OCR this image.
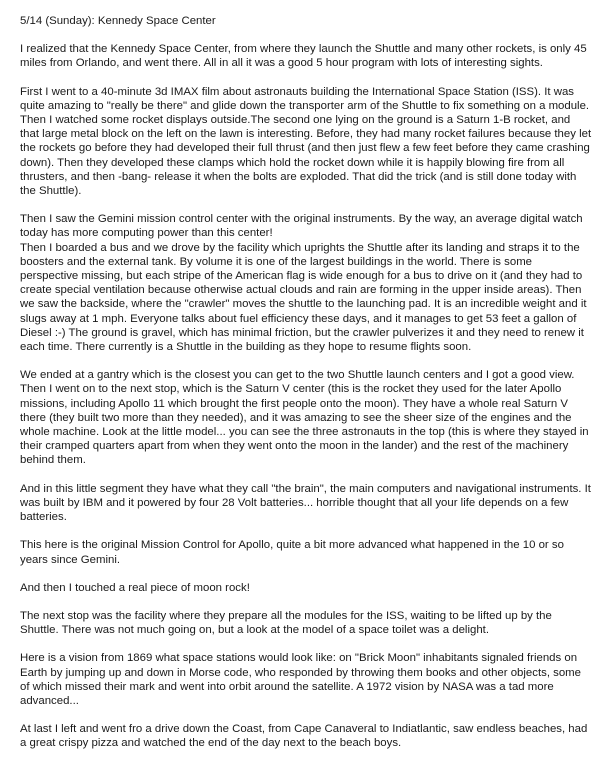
5/14 (Sunday): Kennedy Space Center
I realized that the Kennedy Space Center, from where they launch the Shuttle and many other rockets, is only 45 miles from Orlando, and went there. All in all it was a good 5 hour program with lots of interesting sights.
First I went to a 40-minute 3d IMAX film about astronauts building the International Space Station (ISS). It was quite amazing to "really be there" and glide down the transporter arm of the Shuttle to fix something on a module.
Then I watched some rocket displays outside.The second one lying on the ground is a Saturn 1-B rocket, and that large metal block on the left on the lawn is interesting. Before, they had many rocket failures because they let the rockets go before they had developed their full thrust (and then just flew a few feet before they came crashing down). Then they developed these clamps which hold the rocket down while it is happily blowing fire from all thrusters, and then -bang- release it when the bolts are exploded. That did the trick (and is still done today with the Shuttle).
Then I saw the Gemini mission control center with the original instruments. By the way, an average digital watch today has more computing power than this center!
Then I boarded a bus and we drove by the facility which uprights the Shuttle after its landing and straps it to the boosters and the external tank. By volume it is one of the largest buildings in the world. There is some perspective missing, but each stripe of the American flag is wide enough for a bus to drive on it (and they had to create special ventilation because otherwise actual clouds and rain are forming in the upper inside areas). Then we saw the backside, where the "crawler" moves the shuttle to the launching pad. It is an incredible weight and it slugs away at 1 mph. Everyone talks about fuel efficiency these days, and it manages to get 53 feet a gallon of Diesel :-) The ground is gravel, which has minimal friction, but the crawler pulverizes it and they need to renew it each time. There currently is a Shuttle in the building as they hope to resume flights soon.
We ended at a gantry which is the closest you can get to the two Shuttle launch centers and I got a good view.
Then I went on to the next stop, which is the Saturn V center (this is the rocket they used for the later Apollo missions, including Apollo 11 which brought the first people onto the moon). They have a whole real Saturn V there (they built two more than they needed), and it was amazing to see the sheer size of the engines and the whole machine. Look at the little model... you can see the three astronauts in the top (this is where they stayed in their cramped quarters apart from when they went onto the moon in the lander) and the rest of the machinery behind them.
And in this little segment they have what they call "the brain", the main computers and navigational instruments. It was built by IBM and it powered by four 28 Volt batteries... horrible thought that all your life depends on a few batteries.
This here is the original Mission Control for Apollo, quite a bit more advanced what happened in the 10 or so years since Gemini.
And then I touched a real piece of moon rock!
The next stop was the facility where they prepare all the modules for the ISS, waiting to be lifted up by the Shuttle. There was not much going on, but a look at the model of a space toilet was a delight.
Here is a vision from 1869 what space stations would look like: on "Brick Moon" inhabitants signaled friends on Earth by jumping up and down in Morse code, who responded by throwing them books and other objects, some of which missed their mark and went into orbit around the satellite. A 1972 vision by NASA was a tad more advanced...
At last I left and went fro a drive down the Coast, from Cape Canaveral to Indiatlantic, saw endless beaches, had a great crispy pizza and watched the end of the day next to the beach boys.
